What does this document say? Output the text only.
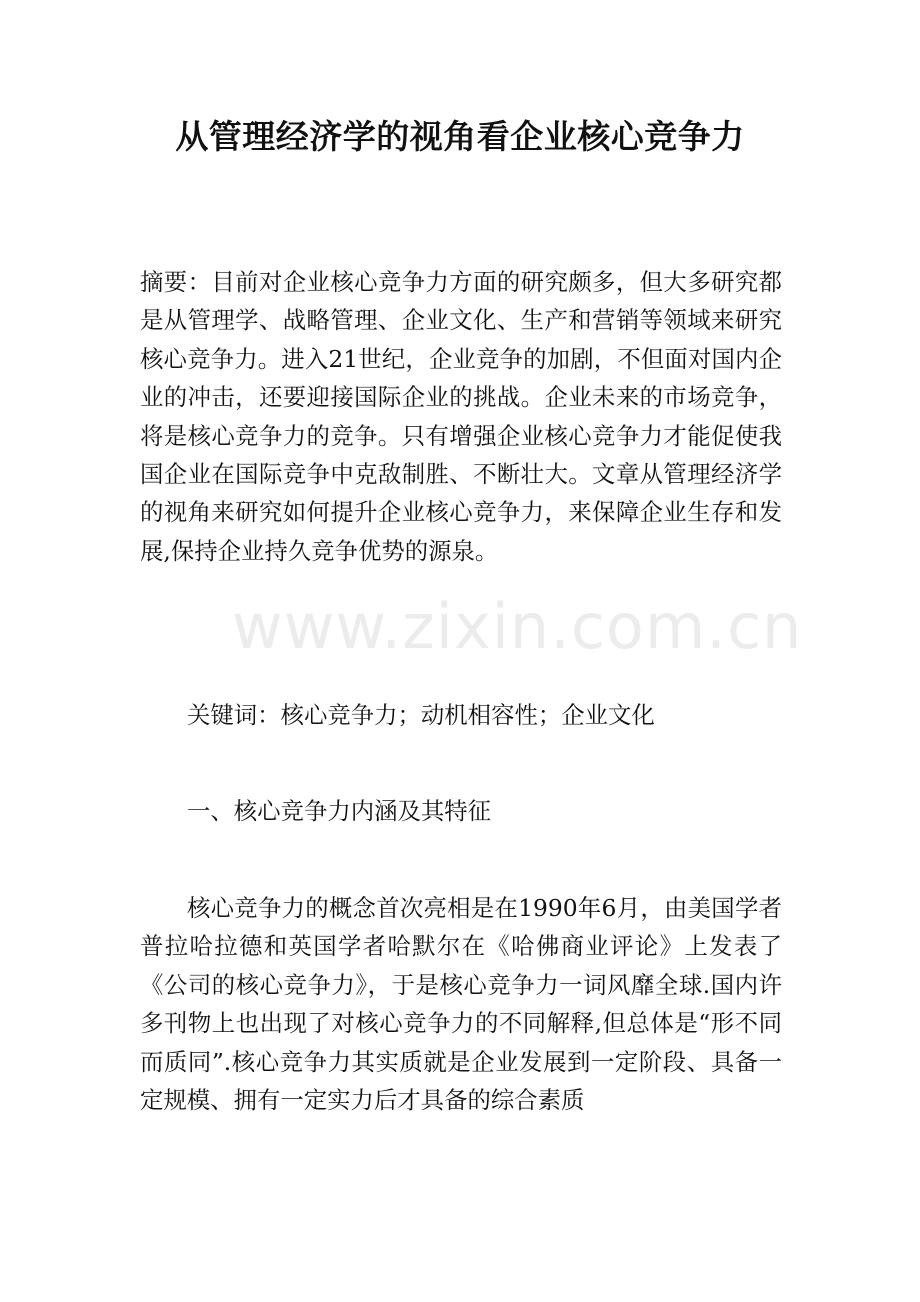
从管理经济学的视角看企业核心竞争力

摘要：目前对企业核心竞争力方面的研究颇多，但大多研究都是从管理学、战略管理、企业文化、生产和营销等领域来研究核心竞争力。进入21世纪，企业竞争的加剧，不但面对国内企业的冲击，还要迎接国际企业的挑战。企业未来的市场竞争，将是核心竞争力的竞争。只有增强企业核心竞争力才能促使我国企业在国际竞争中克敌制胜、不断壮大。文章从管理经济学的视角来研究如何提升企业核心竞争力，来保障企业生存和发展,保持企业持久竞争优势的源泉。

关键词：核心竞争力；动机相容性；企业文化

一、核心竞争力内涵及其特征

核心竞争力的概念首次亮相是在1990年6月，由美国学者普拉哈拉德和英国学者哈默尔在《哈佛商业评论》上发表了《公司的核心竞争力》，于是核心竞争力一词风靡全球.国内许多刊物上也出现了对核心竞争力的不同解释,但总体是“形不同而质同”.核心竞争力其实质就是企业发展到一定阶段、具备一定规模、拥有一定实力后才具备的综合素质

www.zixin.com.cn
